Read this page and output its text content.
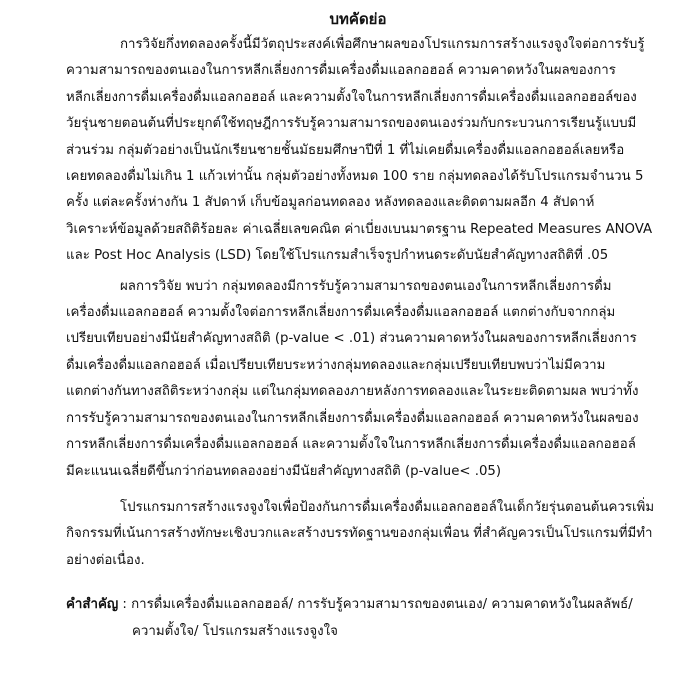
บทคัดย่อ
การวิจัยกึ่งทดลองครั้งนี้มีวัตถุประสงค์เพื่อศึกษาผลของโปรแกรมการสร้างแรงจูงใจต่อการรับรู้
ความสามารถของตนเองในการหลีกเลี่ยงการดื่มเครื่องดื่มแอลกอฮอล์ ความคาดหวังในผลของการ
หลีกเลี่ยงการดื่มเครื่องดื่มแอลกอฮอล์ และความตั้งใจในการหลีกเลี่ยงการดื่มเครื่องดื่มแอลกอฮอล์ของ
วัยรุ่นชายตอนต้นที่ประยุกต์ใช้ทฤษฎีการรับรู้ความสามารถของตนเองร่วมกับกระบวนการเรียนรู้แบบมี
ส่วนร่วม กลุ่มตัวอย่างเป็นนักเรียนชายชั้นมัธยมศึกษาปีที่ 1 ที่ไม่เคยดื่มเครื่องดื่มแอลกอฮอล์เลยหรือ
เคยทดลองดื่มไม่เกิน 1 แก้วเท่านั้น กลุ่มตัวอย่างทั้งหมด 100 ราย กลุ่มทดลองได้รับโปรแกรมจำนวน 5
ครั้ง แต่ละครั้งห่างกัน 1 สัปดาห์ เก็บข้อมูลก่อนทดลอง หลังทดลองและติดตามผลอีก 4 สัปดาห์
วิเคราะห์ข้อมูลด้วยสถิติร้อยละ ค่าเฉลี่ยเลขคณิต ค่าเบี่ยงเบนมาตรฐาน Repeated Measures ANOVA
และ Post Hoc Analysis (LSD) โดยใช้โปรแกรมสำเร็จรูปกำหนดระดับนัยสำคัญทางสถิติที่ .05
ผลการวิจัย พบว่า กลุ่มทดลองมีการรับรู้ความสามารถของตนเองในการหลีกเลี่ยงการดื่ม
เครื่องดื่มแอลกอฮอล์ ความตั้งใจต่อการหลีกเลี่ยงการดื่มเครื่องดื่มแอลกอฮอล์ แตกต่างกับจากกลุ่ม
เปรียบเทียบอย่างมีนัยสำคัญทางสถิติ (p-value < .01) ส่วนความคาดหวังในผลของการหลีกเลี่ยงการ
ดื่มเครื่องดื่มแอลกอฮอล์ เมื่อเปรียบเทียบระหว่างกลุ่มทดลองและกลุ่มเปรียบเทียบพบว่าไม่มีความ
แตกต่างกันทางสถิติระหว่างกลุ่ม แต่ในกลุ่มทดลองภายหลังการทดลองและในระยะติดตามผล พบว่าทั้ง
การรับรู้ความสามารถของตนเองในการหลีกเลี่ยงการดื่มเครื่องดื่มแอลกอฮอล์ ความคาดหวังในผลของ
การหลีกเลี่ยงการดื่มเครื่องดื่มแอลกอฮอล์ และความตั้งใจในการหลีกเลี่ยงการดื่มเครื่องดื่มแอลกอฮอล์
มีคะแนนเฉลี่ยดีขึ้นกว่าก่อนทดลองอย่างมีนัยสำคัญทางสถิติ (p-value< .05)
โปรแกรมการสร้างแรงจูงใจเพื่อป้องกันการดื่มเครื่องดื่มแอลกอฮอล์ในเด็กวัยรุ่นตอนต้นควรเพิ่ม
กิจกรรมที่เน้นการสร้างทักษะเชิงบวกและสร้างบรรทัดฐานของกลุ่มเพื่อน ที่สำคัญควรเป็นโปรแกรมที่มีทำ
อย่างต่อเนื่อง.
คำสำคัญ : การดื่มเครื่องดื่มแอลกอฮอล์/ การรับรู้ความสามารถของตนเอง/ ความคาดหวังในผลลัพธ์/
ความตั้งใจ/ โปรแกรมสร้างแรงจูงใจ
